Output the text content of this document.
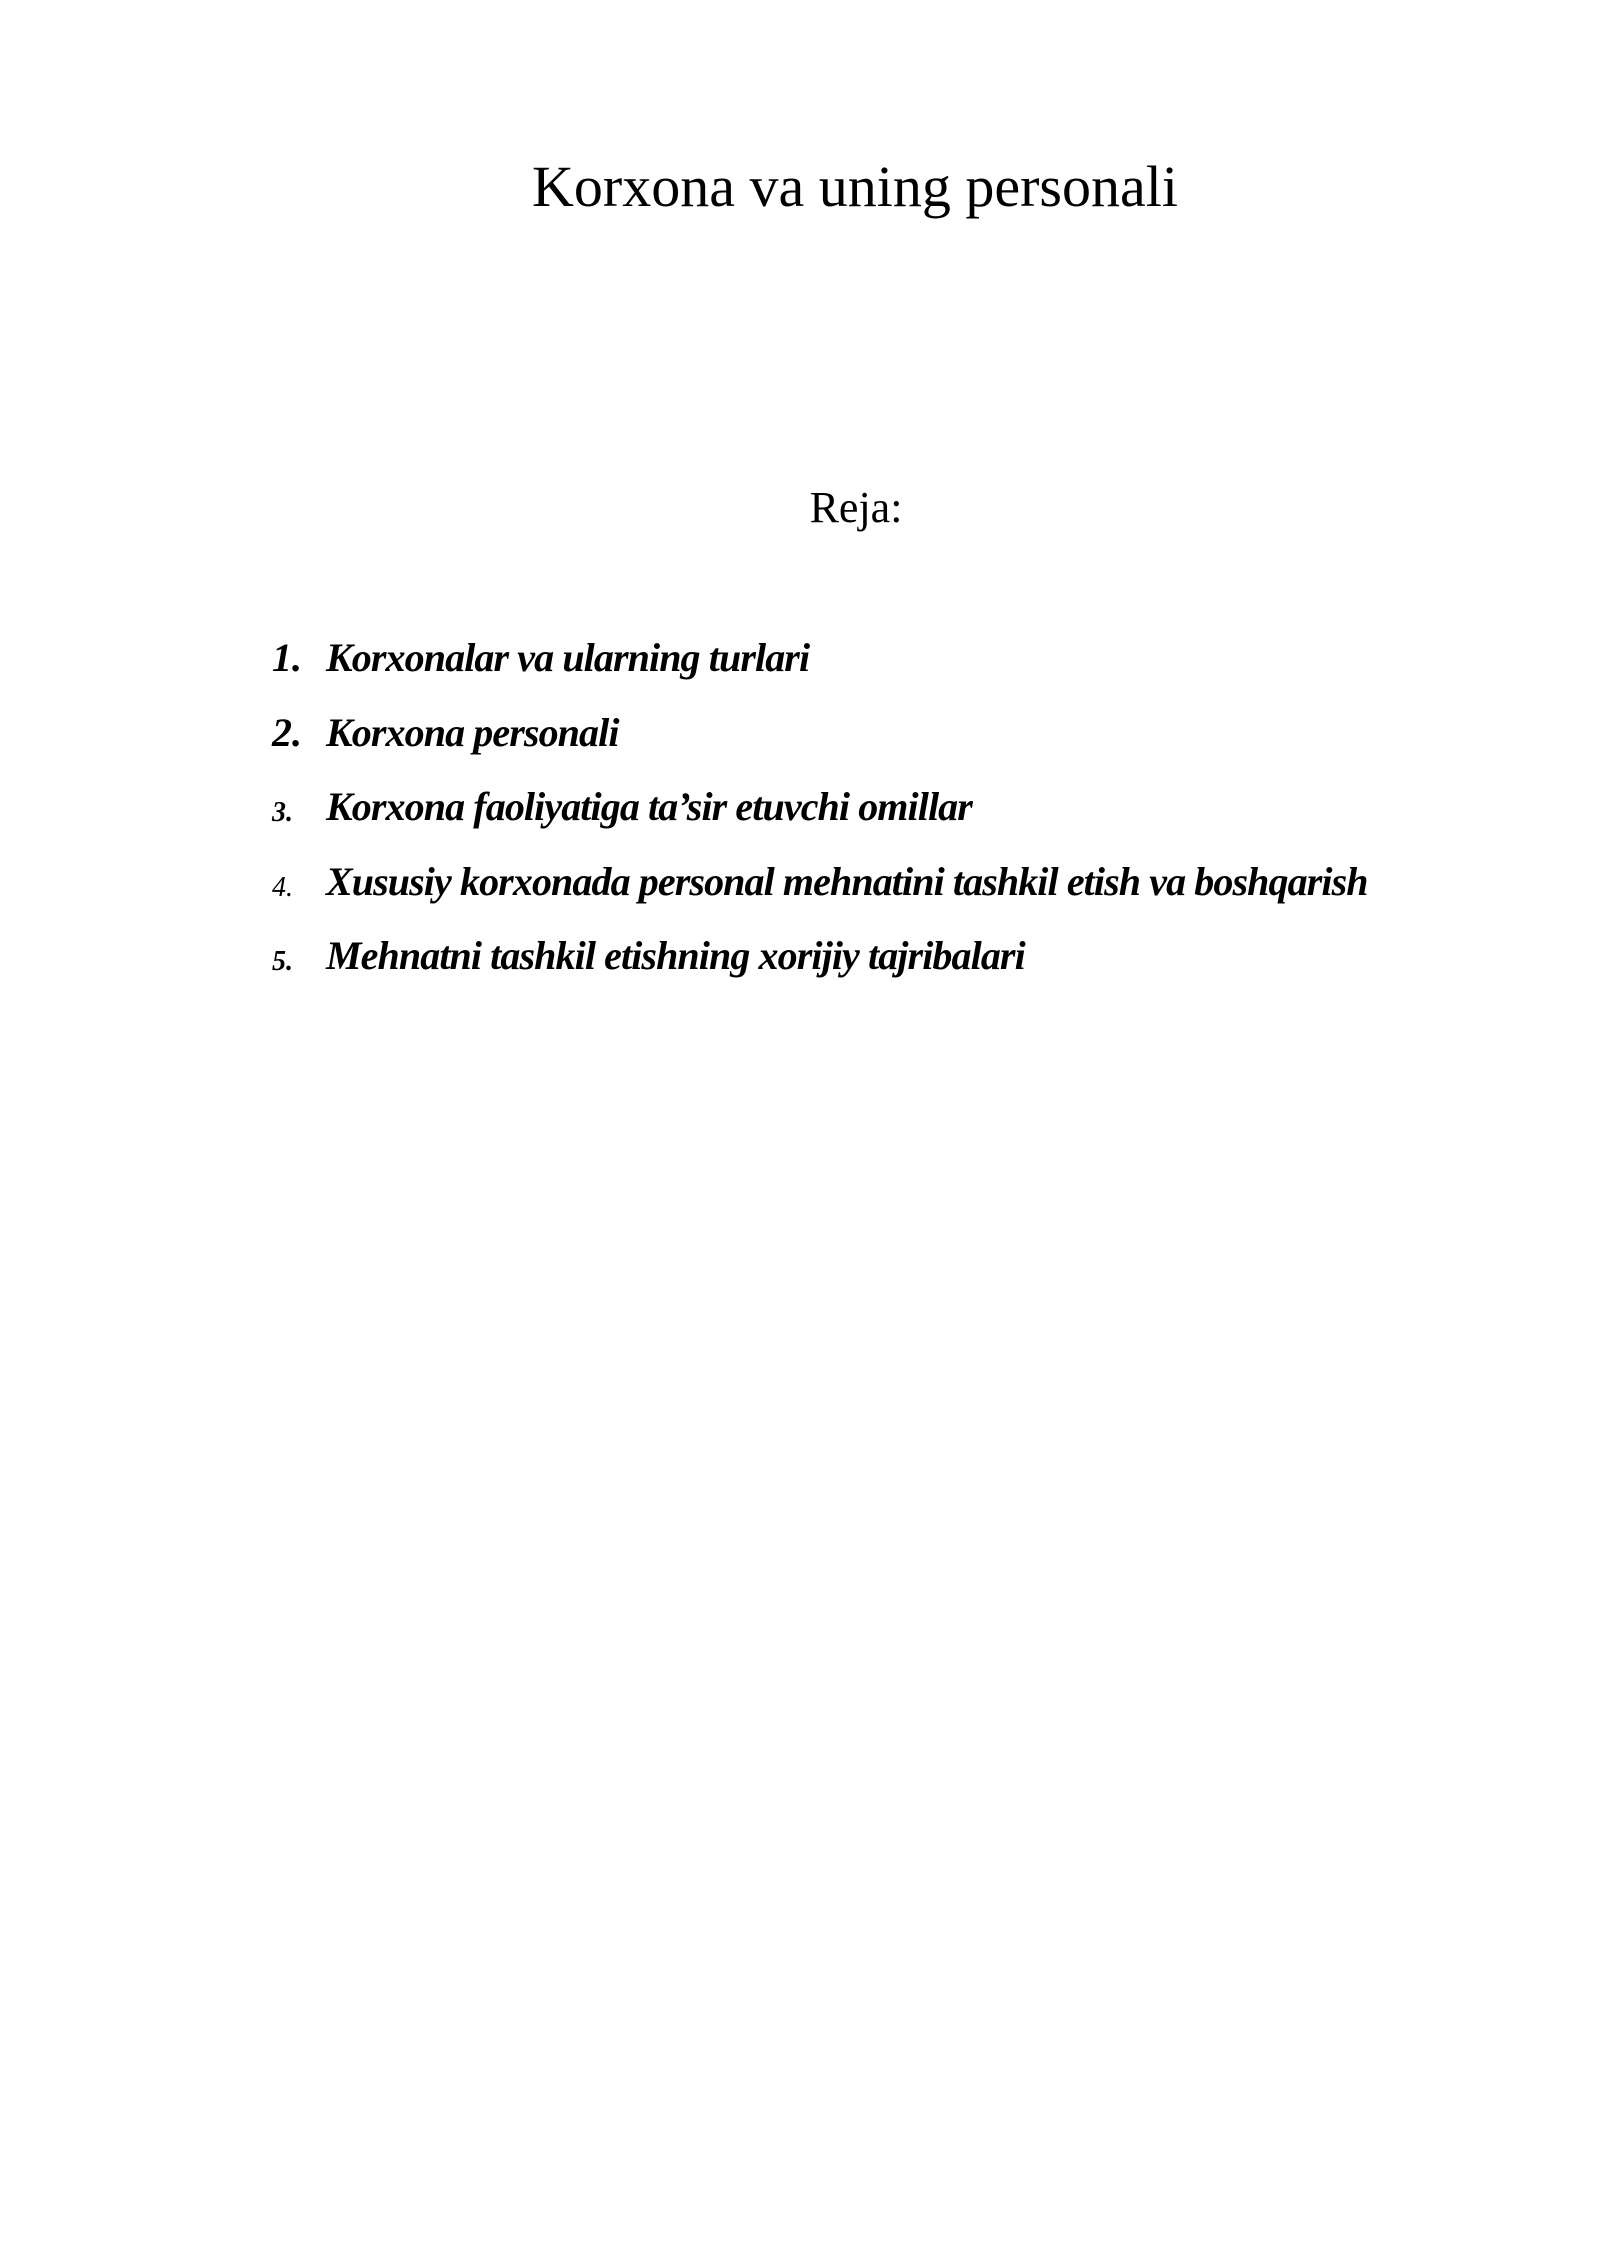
Korxona va uning personali
Reja:
1. Korxonalar va ularning turlari
2. Korxona personali
3. Korxona faoliyatiga ta’sir etuvchi omillar
4. Xususiy korxonada personal mehnatini tashkil etish va boshqarish
5. Mehnatni tashkil etishning xorijiy tajribalari
